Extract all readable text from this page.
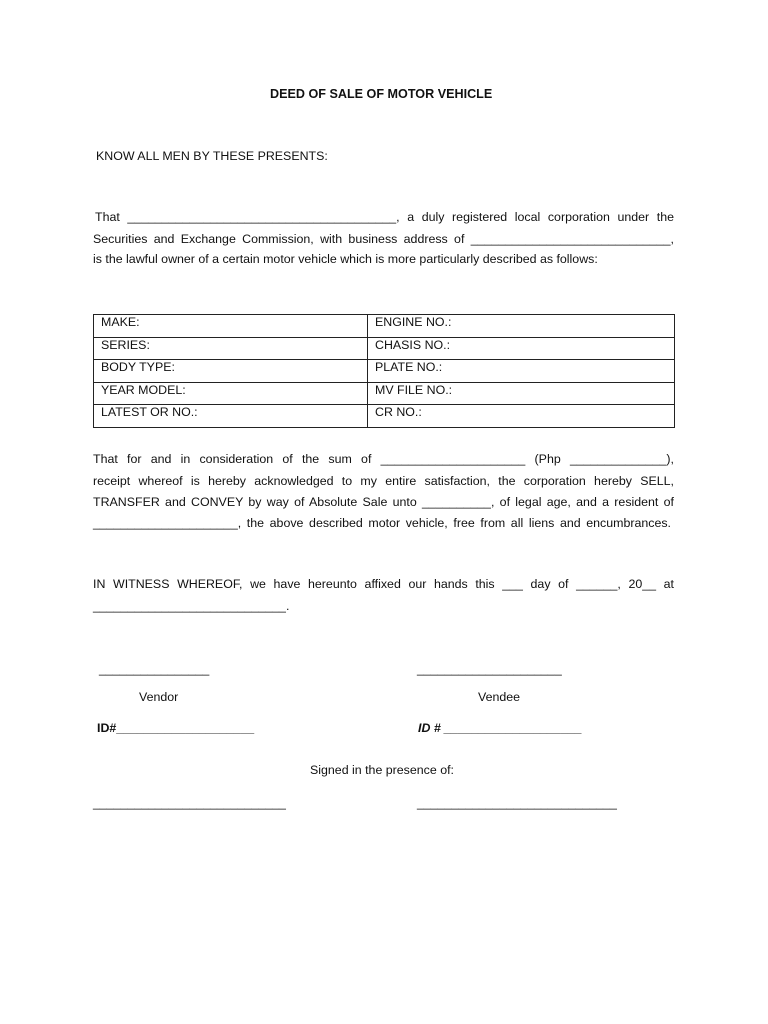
DEED OF SALE OF MOTOR VEHICLE
KNOW ALL MEN BY THESE PRESENTS:
That _______________________________________, a duly registered local corporation under the
Securities and Exchange Commission, with business address of _____________________________,
is the lawful owner of a certain motor vehicle which is more particularly described as follows:
MAKE:	ENGINE NO.:
SERIES:	CHASIS NO.:
BODY TYPE:	PLATE NO.:
YEAR MODEL:	MV FILE NO.:
LATEST OR NO.:	CR NO.:
That for and in consideration of the sum of _____________________ (Php ______________),
receipt whereof is hereby acknowledged to my entire satisfaction, the corporation hereby SELL,
TRANSFER and CONVEY by way of Absolute Sale unto __________, of legal age, and a resident of
_____________________, the above described motor vehicle, free from all liens and encumbrances.
IN WITNESS WHEREOF, we have hereunto affixed our hands this ___ day of ______, 20__ at
____________________________.
________________	_____________________
Vendor	Vendee
ID#____________________	ID # ____________________
Signed in the presence of:
____________________________	_____________________________
